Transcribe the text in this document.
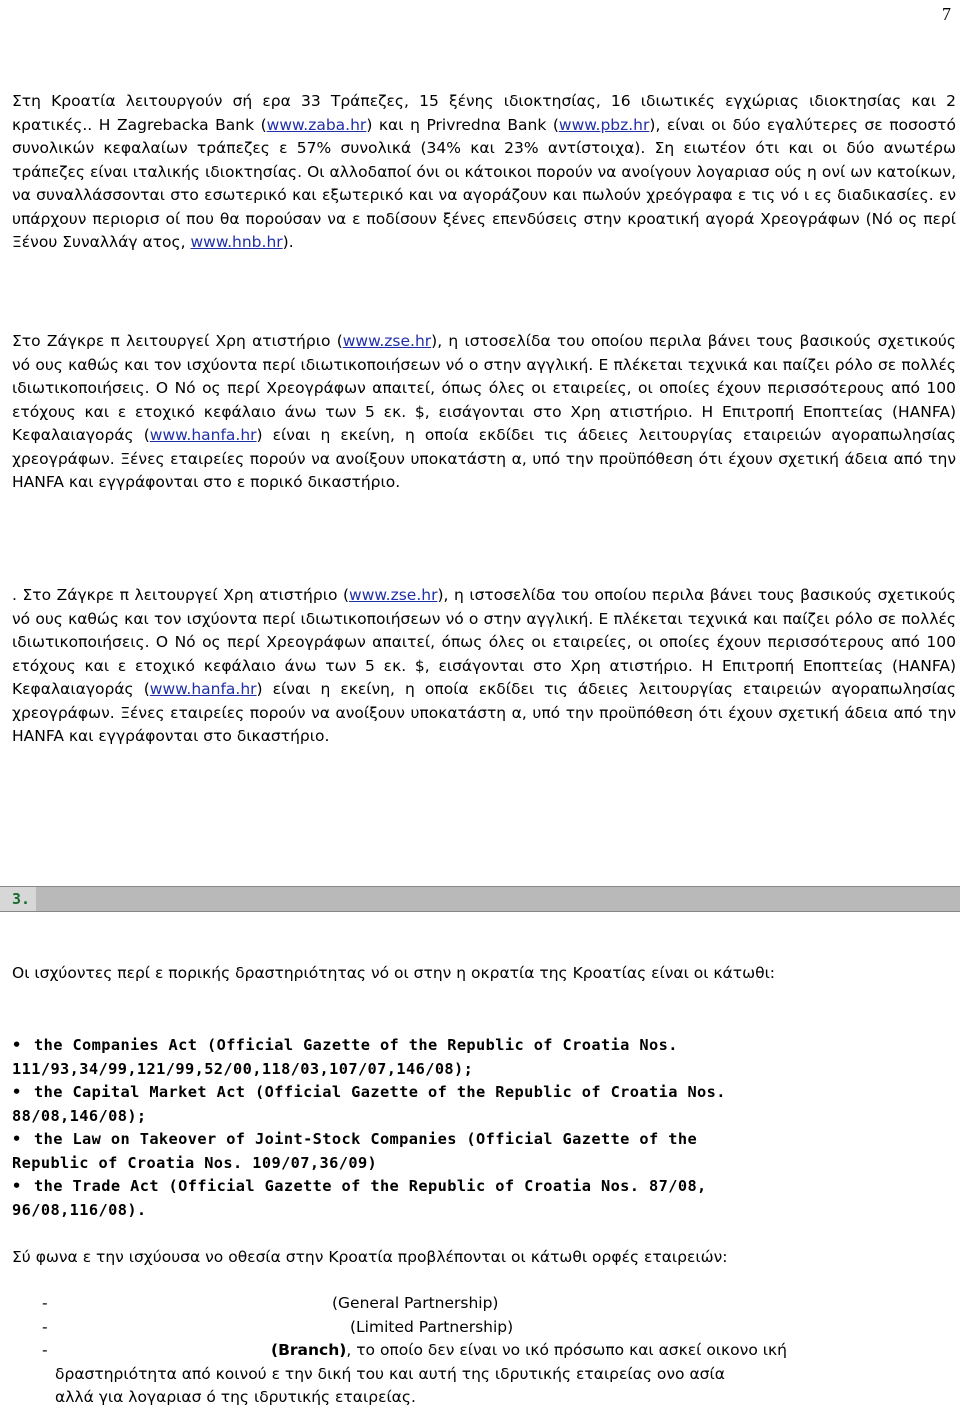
7
Στη Κροατία λειτουργούν σή ερα 33 Τράπεζες, 15 ξένης ιδιοκτησίας, 16 ιδιωτικές εγχώριας ιδιοκτησίας και 2 κρατικές.. Η Zagrebacka Bank (www.zaba.hr) και η Privrednα Bank (www.pbz.hr), είναι οι δύο εγαλύτερες σε ποσοστό συνολικών κεφαλαίων τράπεζες ε 57% συνολικά (34% και 23% αντίστοιχα). Ση ειωτέον ότι και οι δύο ανωτέρω τράπεζες είναι ιταλικής ιδιοκτησίας. Οι αλλοδαποί όνι οι κάτοικοι πορούν να ανοίγουν λογαριασ ούς η ονί ων κατοίκων, να συναλλάσσονται στο εσωτερικό και εξωτερικό και να αγοράζουν και πωλούν χρεόγραφα ε τις νό ι ες διαδικασίες. εν υπάρχουν περιορισ οί που θα πορούσαν να ε ποδίσουν ξένες επενδύσεις στην κροατική αγορά Χρεογράφων (Νό ος περί Ξένου Συναλλάγ ατος, www.hnb.hr).
Στο Ζάγκρε π λειτουργεί Χρη ατιστήριο (www.zse.hr), η ιστοσελίδα του οποίου περιλα βάνει τους βασικούς σχετικούς νό ους καθώς και τον ισχύοντα περί ιδιωτικοποιήσεων νό ο στην αγγλική. Ε πλέκεται τεχνικά και παίζει ρόλο σε πολλές ιδιωτικοποιήσεις. Ο Νό ος περί Χρεογράφων απαιτεί, όπως όλες οι εταιρείες, οι οποίες έχουν περισσότερους από 100 ετόχους και ε ετοχικό κεφάλαιο άνω των 5 εκ. $, εισάγονται στο Χρη ατιστήριο. Η Επιτροπή Εποπτείας (HANFA) Κεφαλαιαγοράς (www.hanfa.hr) είναι η εκείνη, η οποία εκδίδει τις άδειες λειτουργίας εταιρειών αγοραπωλησίας χρεογράφων. Ξένες εταιρείες πορούν να ανοίξουν υποκατάστη α, υπό την προϋπόθεση ότι έχουν σχετική άδεια από την HANFA και εγγράφονται στο ε πορικό δικαστήριο.
. Στο Ζάγκρε π λειτουργεί Χρη ατιστήριο (www.zse.hr), η ιστοσελίδα του οποίου περιλα βάνει τους βασικούς σχετικούς νό ους καθώς και τον ισχύοντα περί ιδιωτικοποιήσεων νό ο στην αγγλική. Ε πλέκεται τεχνικά και παίζει ρόλο σε πολλές ιδιωτικοποιήσεις. Ο Νό ος περί Χρεογράφων απαιτεί, όπως όλες οι εταιρείες, οι οποίες έχουν περισσότερους από 100 ετόχους και ε ετοχικό κεφάλαιο άνω των 5 εκ. $, εισάγονται στο Χρη ατιστήριο. Η Επιτροπή Εποπτείας (HANFA) Κεφαλαιαγοράς (www.hanfa.hr) είναι η εκείνη, η οποία εκδίδει τις άδειες λειτουργίας εταιρειών αγοραπωλησίας χρεογράφων. Ξένες εταιρείες πορούν να ανοίξουν υποκατάστη α, υπό την προϋπόθεση ότι έχουν σχετική άδεια από την HANFA και εγγράφονται στο δικαστήριο.
3.
Οι ισχύοντες περί ε πορικής δραστηριότητας νό οι στην η οκρατία της Κροατίας είναι οι κάτωθι:
• the Companies Act (Official Gazette of the Republic of Croatia Nos.
111/93,34/99,121/99,52/00,118/03,107/07,146/08);
• the Capital Market Act (Official Gazette of the Republic of Croatia Nos.
88/08,146/08);
• the Law on Takeover of Joint-Stock Companies (Official Gazette of the
Republic of Croatia Nos. 109/07,36/09)
• the Trade Act (Official Gazette of the Republic of Croatia Nos. 87/08,
96/08,116/08).
Σύ φωνα ε την ισχύουσα νο οθεσία στην Κροατία προβλέπονται οι κάτωθι ορφές εταιρειών:
-	(General Partnership)
-	(Limited Partnership)
-	(Branch), το οποίο δεν είναι νο ικό πρόσωπο και ασκεί οικονο ική
δραστηριότητα από κοινού ε την δική του και αυτή της ιδρυτικής εταιρείας ονο ασία
αλλά για λογαριασ ό της ιδρυτικής εταιρείας.
